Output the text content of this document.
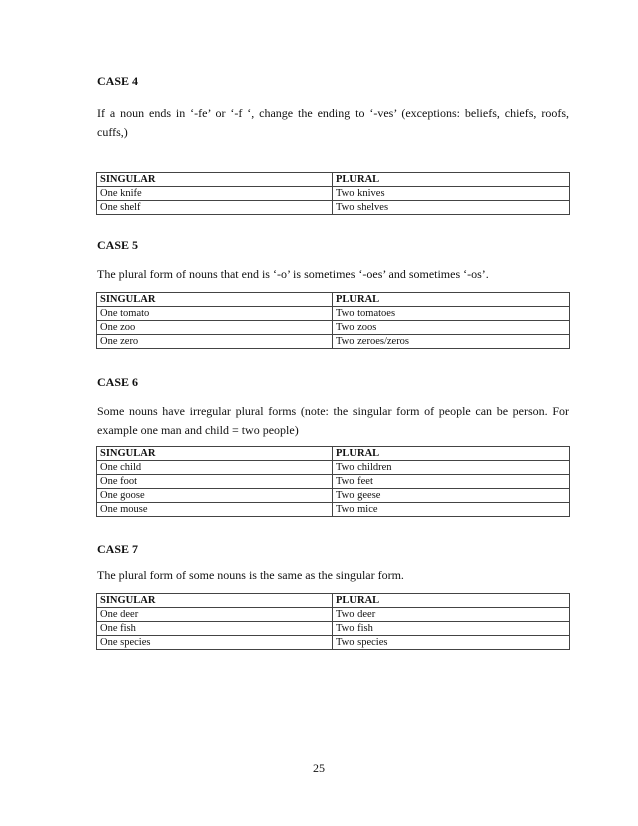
CASE 4

If a noun ends in ‘-fe’ or ‘-f ‘, change the ending to ‘-ves’ (exceptions: beliefs, chiefs, roofs, cuffs,)

SINGULAR	PLURAL
One knife	Two knives
One shelf	Two shelves

CASE 5

The plural form of nouns that end is ‘-o’ is sometimes ‘-oes’ and sometimes ‘-os’.

SINGULAR	PLURAL
One tomato	Two tomatoes
One zoo	Two zoos
One zero	Two zeroes/zeros

CASE 6

Some nouns have irregular plural forms (note: the singular form of people can be person. For example one man and child = two people)

SINGULAR	PLURAL
One child	Two children
One foot	Two feet
One goose	Two geese
One mouse	Two mice

CASE 7

The plural form of some nouns is the same as the singular form.

SINGULAR	PLURAL
One deer	Two deer
One fish	Two fish
One species	Two species
25
